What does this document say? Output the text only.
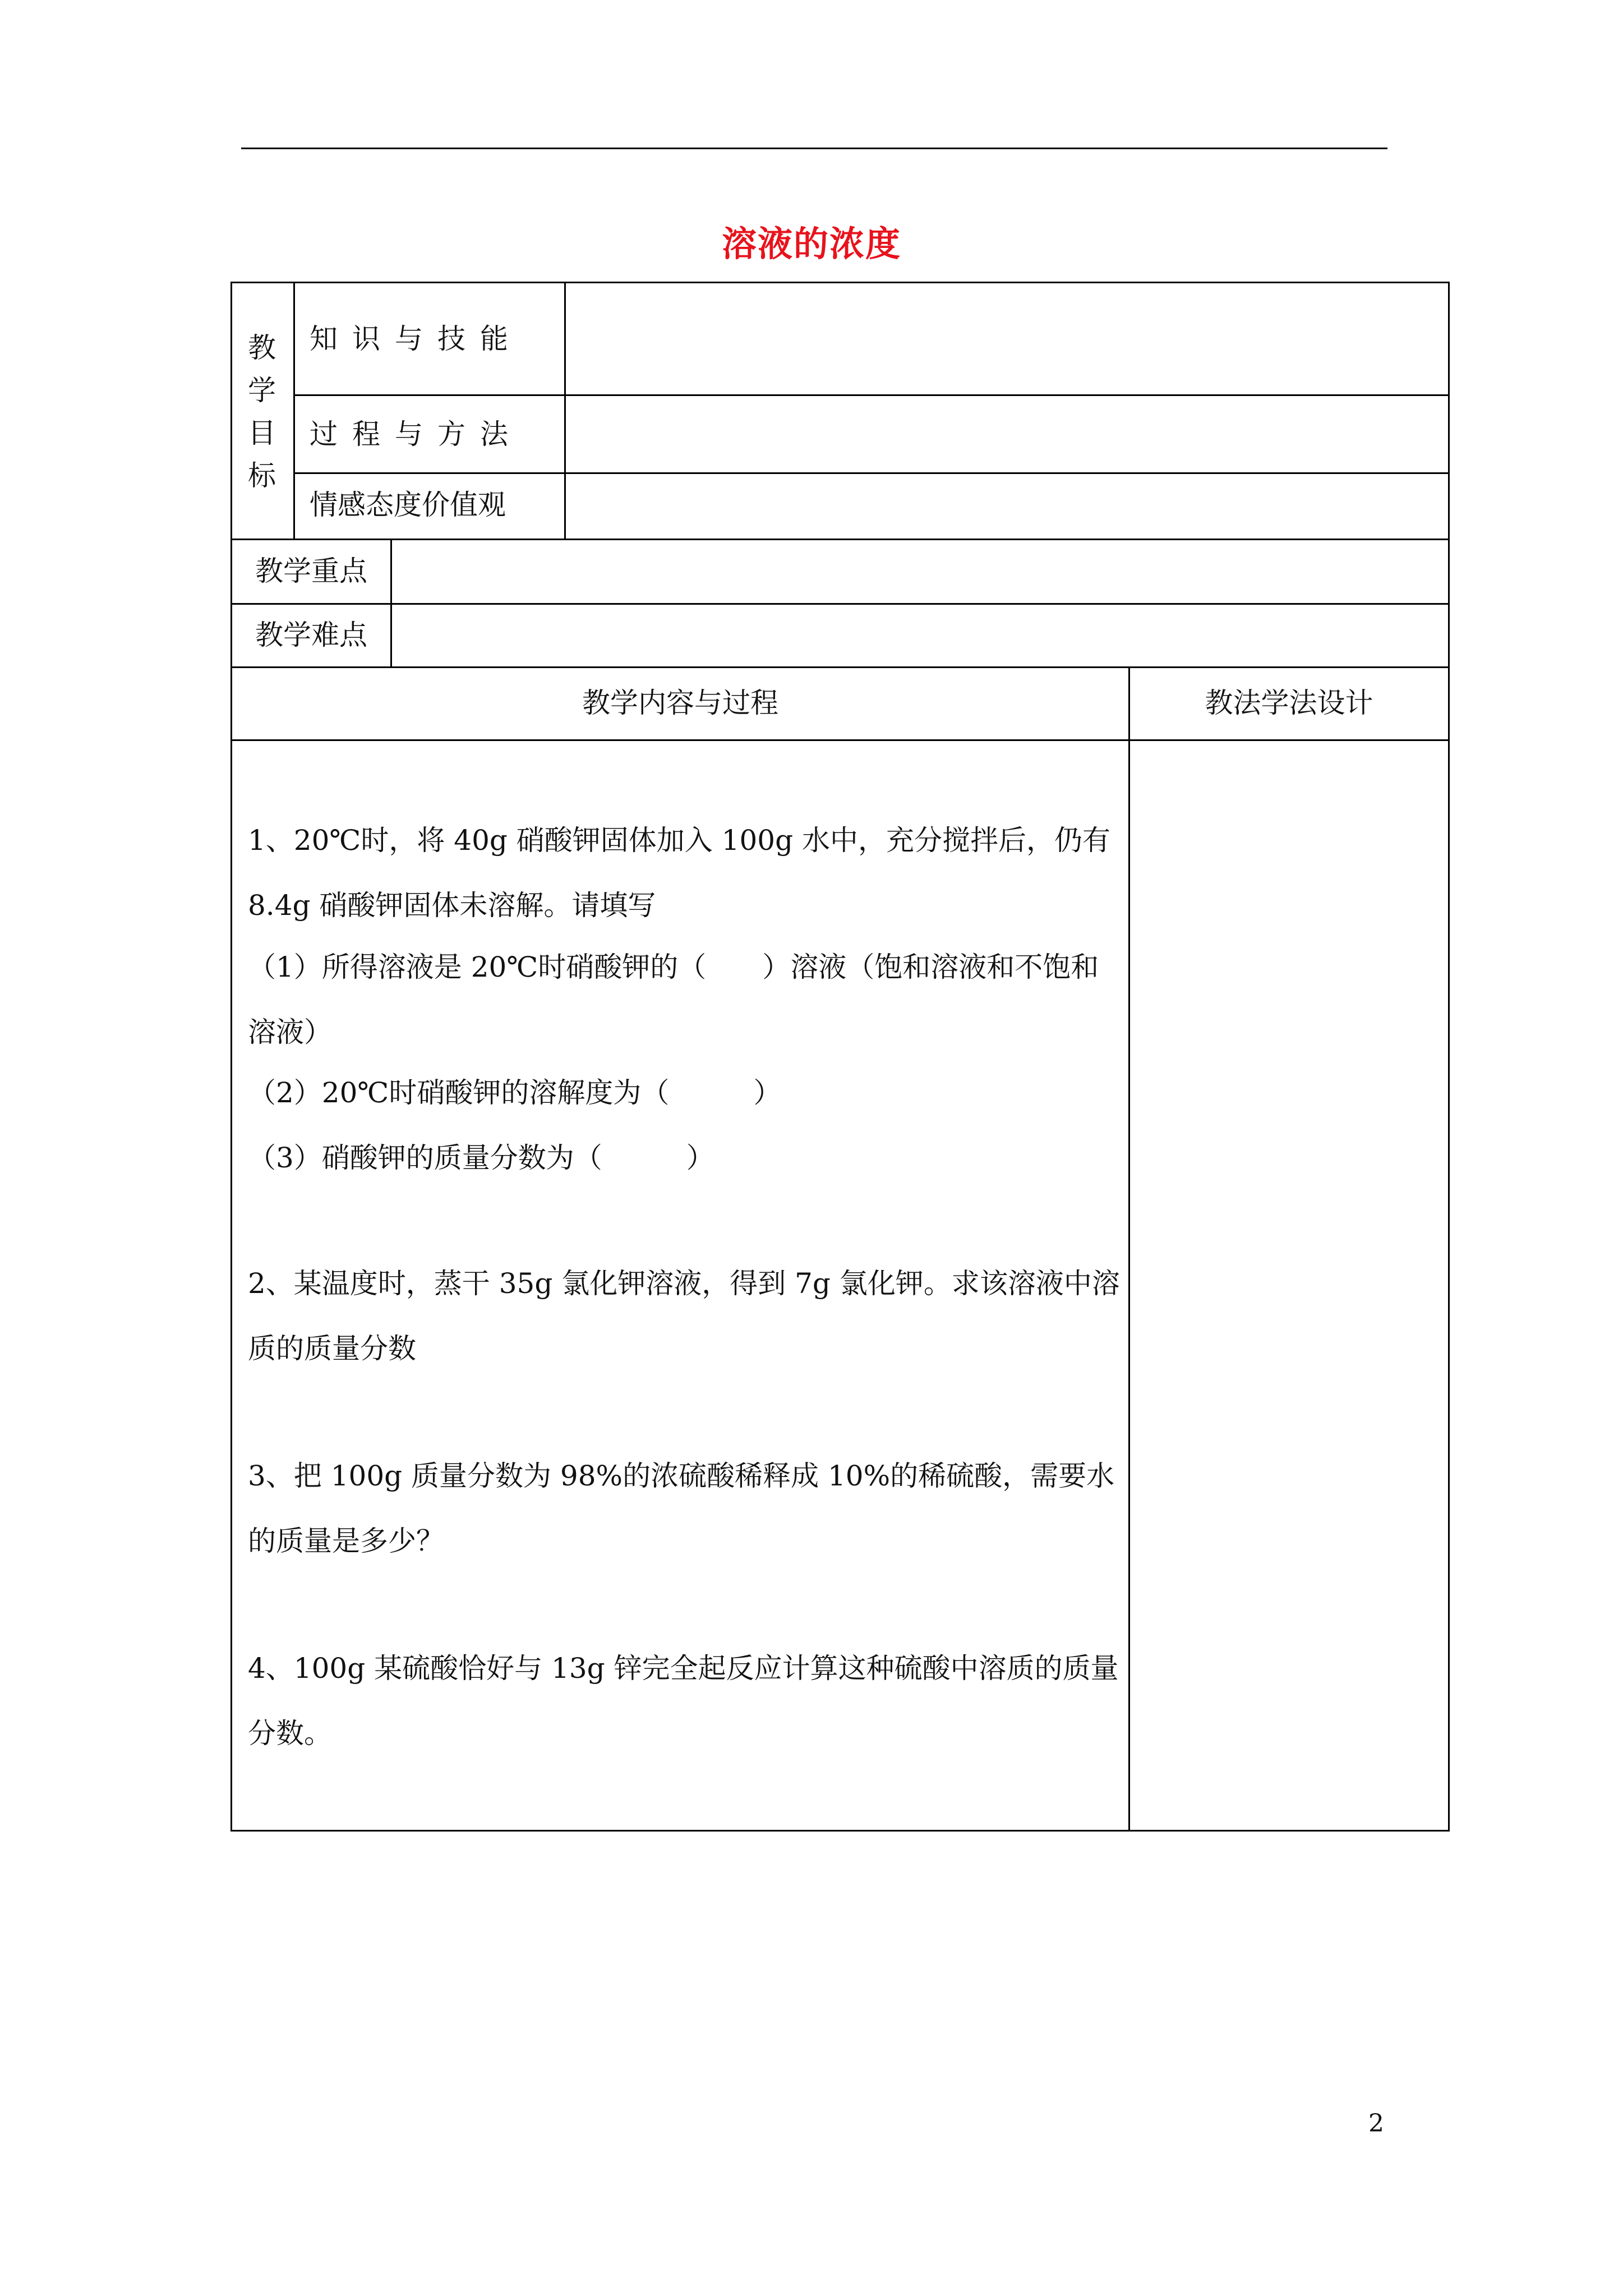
溶液的浓度
教
学
目
标
知识与技能
过程与方法
情感态度价值观
教学重点
教学难点
教学内容与过程	教法学法设计
1、20℃时，将 40g 硝酸钾固体加入 100g 水中，充分搅拌后，仍有 8.4g 硝酸钾固体未溶解。请填写
（1）所得溶液是 20℃时硝酸钾的（　　）溶液（饱和溶液和不饱和溶液）
（2）20℃时硝酸钾的溶解度为（　　　）
（3）硝酸钾的质量分数为（　　　）
2、某温度时，蒸干 35g 氯化钾溶液，得到 7g 氯化钾。求该溶液中溶质的质量分数
3、把 100g 质量分数为 98%的浓硫酸稀释成 10%的稀硫酸，需要水的质量是多少？
4、100g 某硫酸恰好与 13g 锌完全起反应计算这种硫酸中溶质的质量分数。
2
